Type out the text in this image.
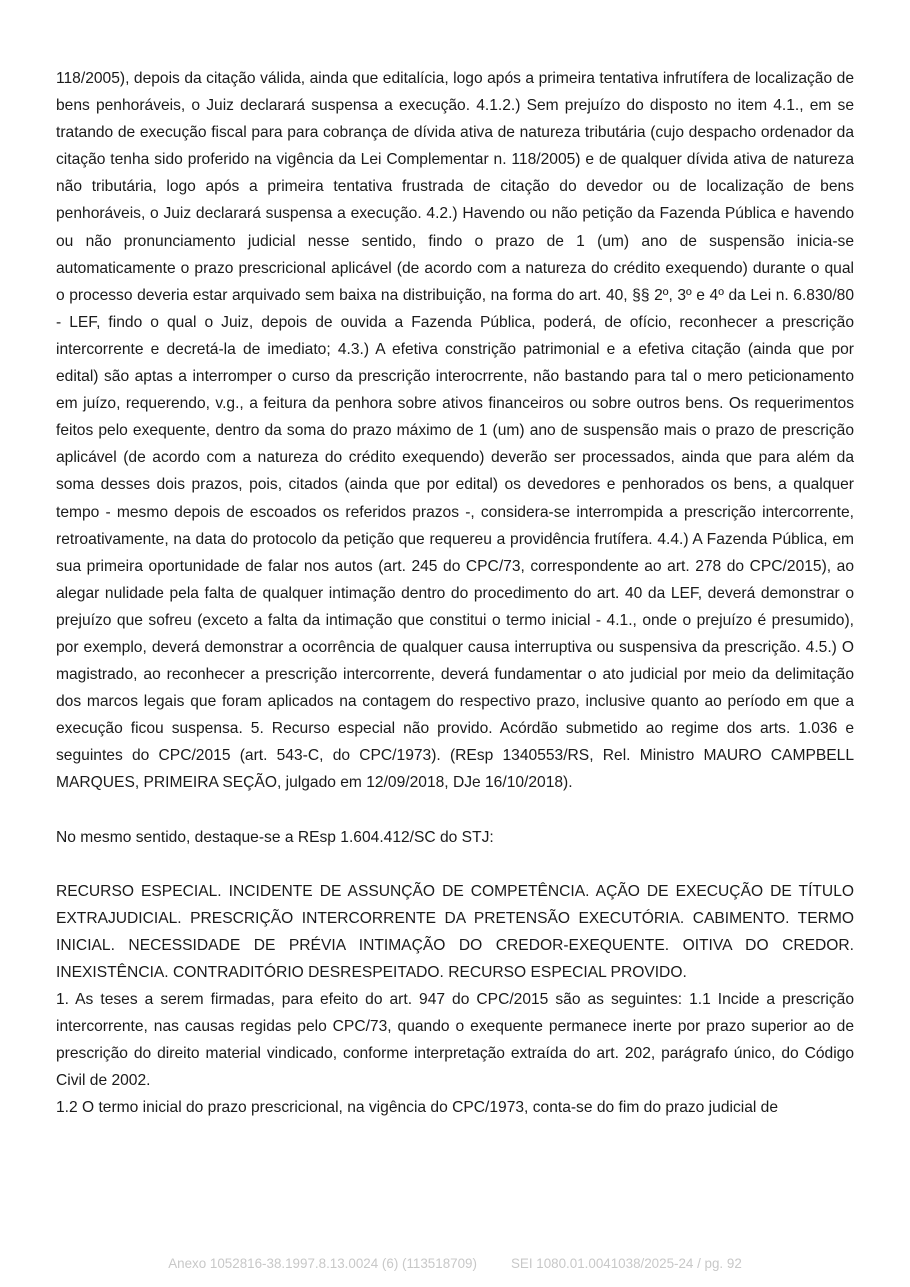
118/2005), depois da citação válida, ainda que editalícia, logo após a primeira tentativa infrutífera de localização de bens penhoráveis, o Juiz declarará suspensa a execução. 4.1.2.) Sem prejuízo do disposto no item 4.1., em se tratando de execução fiscal para para cobrança de dívida ativa de natureza tributária (cujo despacho ordenador da citação tenha sido proferido na vigência da Lei Complementar n. 118/2005) e de qualquer dívida ativa de natureza não tributária, logo após a primeira tentativa frustrada de citação do devedor ou de localização de bens penhoráveis, o Juiz declarará suspensa a execução. 4.2.) Havendo ou não petição da Fazenda Pública e havendo ou não pronunciamento judicial nesse sentido, findo o prazo de 1 (um) ano de suspensão inicia-se automaticamente o prazo prescricional aplicável (de acordo com a natureza do crédito exequendo) durante o qual o processo deveria estar arquivado sem baixa na distribuição, na forma do art. 40, §§ 2º, 3º e 4º da Lei n. 6.830/80 - LEF, findo o qual o Juiz, depois de ouvida a Fazenda Pública, poderá, de ofício, reconhecer a prescrição intercorrente e decretá-la de imediato; 4.3.) A efetiva constrição patrimonial e a efetiva citação (ainda que por edital) são aptas a interromper o curso da prescrição interocrrente, não bastando para tal o mero peticionamento em juízo, requerendo, v.g., a feitura da penhora sobre ativos financeiros ou sobre outros bens. Os requerimentos feitos pelo exequente, dentro da soma do prazo máximo de 1 (um) ano de suspensão mais o prazo de prescrição aplicável (de acordo com a natureza do crédito exequendo) deverão ser processados, ainda que para além da soma desses dois prazos, pois, citados (ainda que por edital) os devedores e penhorados os bens, a qualquer tempo - mesmo depois de escoados os referidos prazos -, considera-se interrompida a prescrição intercorrente, retroativamente, na data do protocolo da petição que requereu a providência frutífera. 4.4.) A Fazenda Pública, em sua primeira oportunidade de falar nos autos (art. 245 do CPC/73, correspondente ao art. 278 do CPC/2015), ao alegar nulidade pela falta de qualquer intimação dentro do procedimento do art. 40 da LEF, deverá demonstrar o prejuízo que sofreu (exceto a falta da intimação que constitui o termo inicial - 4.1., onde o prejuízo é presumido), por exemplo, deverá demonstrar a ocorrência de qualquer causa interruptiva ou suspensiva da prescrição. 4.5.) O magistrado, ao reconhecer a prescrição intercorrente, deverá fundamentar o ato judicial por meio da delimitação dos marcos legais que foram aplicados na contagem do respectivo prazo, inclusive quanto ao período em que a execução ficou suspensa. 5. Recurso especial não provido. Acórdão submetido ao regime dos arts. 1.036 e seguintes do CPC/2015 (art. 543-C, do CPC/1973). (REsp 1340553/RS, Rel. Ministro MAURO CAMPBELL MARQUES, PRIMEIRA SEÇÃO, julgado em 12/09/2018, DJe 16/10/2018).

No mesmo sentido, destaque-se a REsp 1.604.412/SC do STJ:

RECURSO ESPECIAL. INCIDENTE DE ASSUNÇÃO DE COMPETÊNCIA. AÇÃO DE EXECUÇÃO DE TÍTULO EXTRAJUDICIAL. PRESCRIÇÃO INTERCORRENTE DA PRETENSÃO EXECUTÓRIA. CABIMENTO. TERMO INICIAL. NECESSIDADE DE PRÉVIA INTIMAÇÃO DO CREDOR-EXEQUENTE. OITIVA DO CREDOR. INEXISTÊNCIA. CONTRADITÓRIO DESRESPEITADO. RECURSO ESPECIAL PROVIDO.

1. As teses a serem firmadas, para efeito do art. 947 do CPC/2015 são as seguintes: 1.1 Incide a prescrição intercorrente, nas causas regidas pelo CPC/73, quando o exequente permanece inerte por prazo superior ao de prescrição do direito material vindicado, conforme interpretação extraída do art. 202, parágrafo único, do Código Civil de 2002.

1.2 O termo inicial do prazo prescricional, na vigência do CPC/1973, conta-se do fim do prazo judicial de

Anexo 1052816-38.1997.8.13.0024 (6) (113518709)	SEI 1080.01.0041038/2025-24 / pg. 92
